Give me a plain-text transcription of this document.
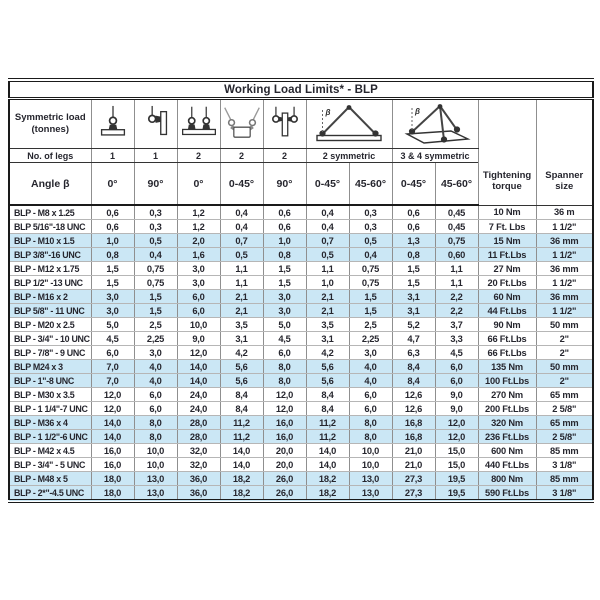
Working Load Limits* - BLP											

Symmetric load
(tonnes)

β	β

Tightening
torque

Spanner
size

No. of legs	1	1	2	2	2	2 symmetric		3 & 4 symmetric			
Angle β	0°	90°	0°	0-45°	90°	0-45°	45-60°	0-45°	45-60°		
BLP - M8 x 1.25	0,6	0,3	1,2	0,4	0,6	0,4	0,3	0,6	0,45	10 Nm	36 m
BLP 5/16"-18 UNC	0,6	0,3	1,2	0,4	0,6	0,4	0,3	0,6	0,45	7 Ft. Lbs	1 1/2"
BLP - M10 x 1.5	1,0	0,5	2,0	0,7	1,0	0,7	0,5	1,3	0,75	15 Nm	36 mm
BLP 3/8"-16 UNC	0,8	0,4	1,6	0,5	0,8	0,5	0,4	0,8	0,60	11 Ft.Lbs	1 1/2"
BLP - M12 x 1.75	1,5	0,75	3,0	1,1	1,5	1,1	0,75	1,5	1,1	27 Nm	36 mm
BLP 1/2" -13 UNC	1,5	0,75	3,0	1,1	1,5	1,0	0,75	1,5	1,1	20 Ft.Lbs	1 1/2"
BLP - M16 x 2	3,0	1,5	6,0	2,1	3,0	2,1	1,5	3,1	2,2	60 Nm	36 mm
BLP 5/8" - 11 UNC	3,0	1,5	6,0	2,1	3,0	2,1	1,5	3,1	2,2	44 Ft.Lbs	1 1/2"
BLP - M20 x 2.5	5,0	2,5	10,0	3,5	5,0	3,5	2,5	5,2	3,7	90 Nm	50 mm
BLP - 3/4" - 10 UNC	4,5	2,25	9,0	3,1	4,5	3,1	2,25	4,7	3,3	66 Ft.Lbs	2"
BLP - 7/8" - 9 UNC	6,0	3,0	12,0	4,2	6,0	4,2	3,0	6,3	4,5	66 Ft.Lbs	2"
BLP M24 x 3	7,0	4,0	14,0	5,6	8,0	5,6	4,0	8,4	6,0	135 Nm	50 mm
BLP - 1"-8 UNC	7,0	4,0	14,0	5,6	8,0	5,6	4,0	8,4	6,0	100 Ft.Lbs	2"
BLP - M30 x 3.5	12,0	6,0	24,0	8,4	12,0	8,4	6,0	12,6	9,0	270 Nm	65 mm
BLP - 1 1/4"-7 UNC	12,0	6,0	24,0	8,4	12,0	8,4	6,0	12,6	9,0	200 Ft.Lbs	2 5/8"
BLP - M36 x 4	14,0	8,0	28,0	11,2	16,0	11,2	8,0	16,8	12,0	320 Nm	65 mm
BLP - 1 1/2"-6 UNC	14,0	8,0	28,0	11,2	16,0	11,2	8,0	16,8	12,0	236 Ft.Lbs	2 5/8"
BLP - M42 x 4.5	16,0	10,0	32,0	14,0	20,0	14,0	10,0	21,0	15,0	600 Nm	85 mm
BLP - 3/4" - 5 UNC	16,0	10,0	32,0	14,0	20,0	14,0	10,0	21,0	15,0	440 Ft.Lbs	3 1/8"
BLP - M48 x 5	18,0	13,0	36,0	18,2	26,0	18,2	13,0	27,3	19,5	800 Nm	85 mm
BLP - 2*"-4.5 UNC	18,0	13,0	36,0	18,2	26,0	18,2	13,0	27,3	19,5	590 Ft.Lbs	3 1/8"
